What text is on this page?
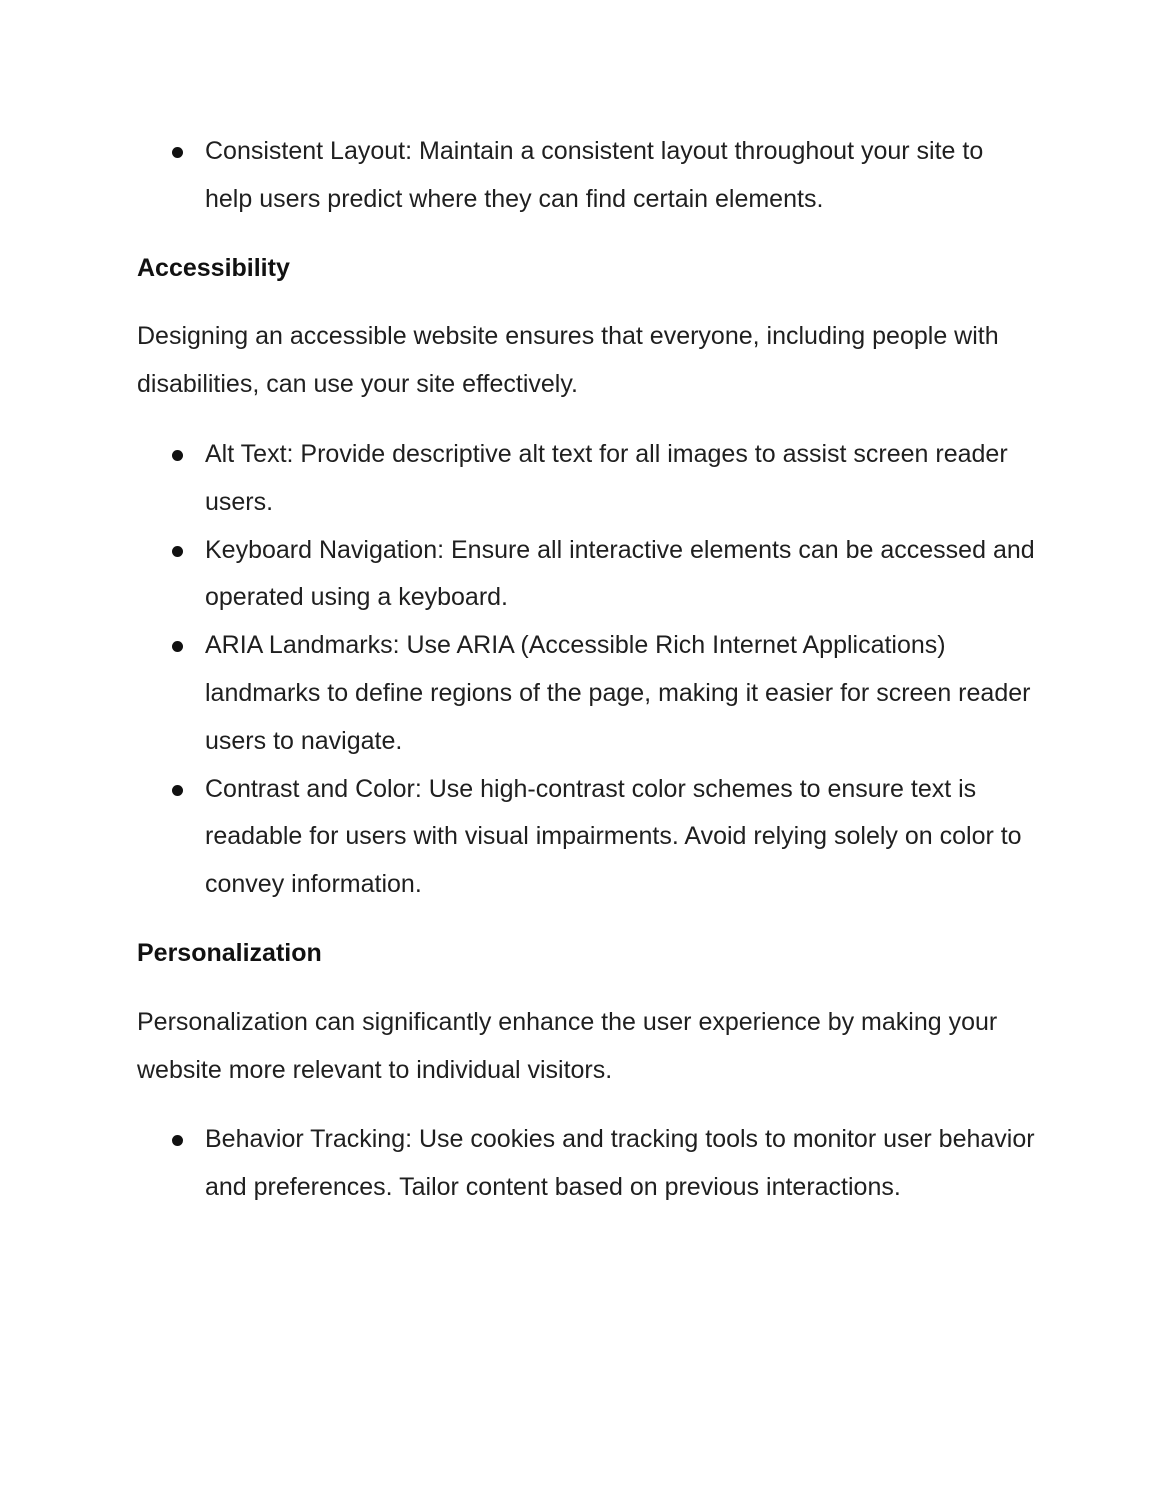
Consistent Layout: Maintain a consistent layout throughout your site to help users predict where they can find certain elements.
Accessibility

Designing an accessible website ensures that everyone, including people with disabilities, can use your site effectively.

Alt Text: Provide descriptive alt text for all images to assist screen reader users.
Keyboard Navigation: Ensure all interactive elements can be accessed and operated using a keyboard.
ARIA Landmarks: Use ARIA (Accessible Rich Internet Applications) landmarks to define regions of the page, making it easier for screen reader users to navigate.
Contrast and Color: Use high-contrast color schemes to ensure text is readable for users with visual impairments. Avoid relying solely on color to convey information.
Personalization

Personalization can significantly enhance the user experience by making your website more relevant to individual visitors.

Behavior Tracking: Use cookies and tracking tools to monitor user behavior and preferences. Tailor content based on previous interactions.
